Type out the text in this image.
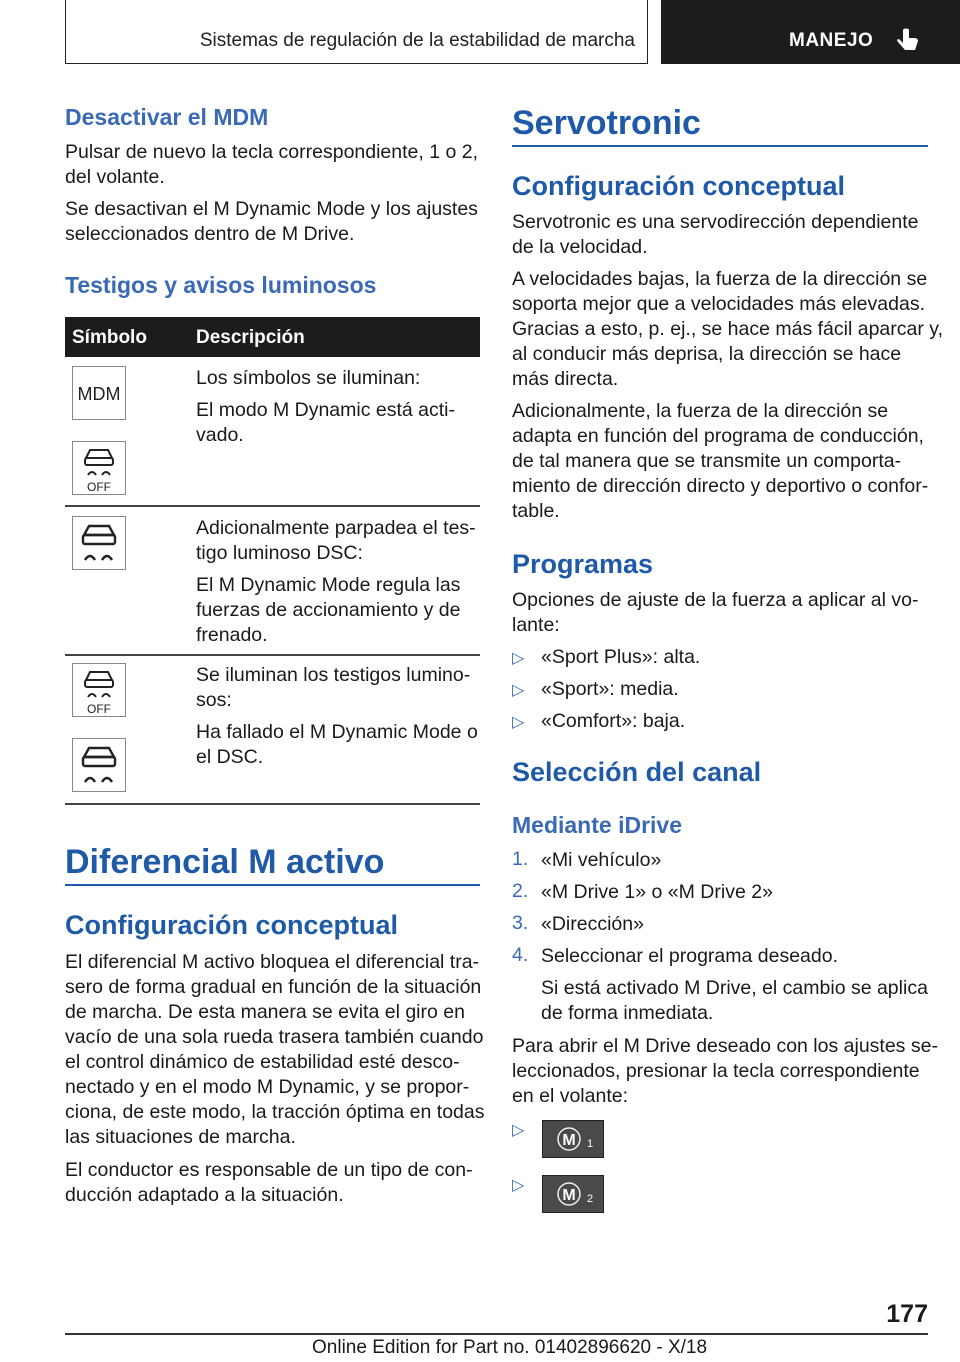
Sistemas de regulación de la estabilidad de marcha	MANEJO
Desactivar el MDM

Pulsar de nuevo la tecla correspondiente, 1 o 2,

del volante.

Se desactivan el M Dynamic Mode y los ajustes

seleccionados dentro de M Drive.

Testigos y avisos luminosos
Símbolo	Descripción
MDM
OFF

Los símbolos se iluminan:

El modo M Dynamic está acti-

vado.

Adicionalmente parpadea el tes-

tigo luminoso DSC:

El M Dynamic Mode regula las

fuerzas de accionamiento y de

frenado.

OFF

Se iluminan los testigos lumino-

sos:

Ha fallado el M Dynamic Mode o

el DSC.

Diferencial M activo
Configuración conceptual

El diferencial M activo bloquea el diferencial tra-

sero de forma gradual en función de la situación

de marcha. De esta manera se evita el giro en

vacío de una sola rueda trasera también cuando

el control dinámico de estabilidad esté desco-

nectado y en el modo M Dynamic, y se propor-

ciona, de este modo, la tracción óptima en todas

las situaciones de marcha.

El conductor es responsable de un tipo de con-

ducción adaptado a la situación.

Servotronic
Configuración conceptual

Servotronic es una servodirección dependiente

de la velocidad.

A velocidades bajas, la fuerza de la dirección se

soporta mejor que a velocidades más elevadas.

Gracias a esto, p. ej., se hace más fácil aparcar y,

al conducir más deprisa, la dirección se hace

más directa.

Adicionalmente, la fuerza de la dirección se

adapta en función del programa de conducción,

de tal manera que se transmite un comporta-

miento de dirección directo y deportivo o confor-

table.

Programas

Opciones de ajuste de la fuerza a aplicar al vo-

lante:

▷ «Sport Plus»: alta.

▷ «Sport»: media.

▷ «Comfort»: baja.

Selección del canal
Mediante iDrive
1. «Mi vehículo»

2. «M Drive 1» o «M Drive 2»

3. «Dirección»

4. Seleccionar el programa deseado.

Si está activado M Drive, el cambio se aplica

de forma inmediata.

Para abrir el M Drive deseado con los ajustes se-

leccionados, presionar la tecla correspondiente

en el volante:

▷
M 1
▷
M 2
177
Online Edition for Part no. 01402896620 - X/18
